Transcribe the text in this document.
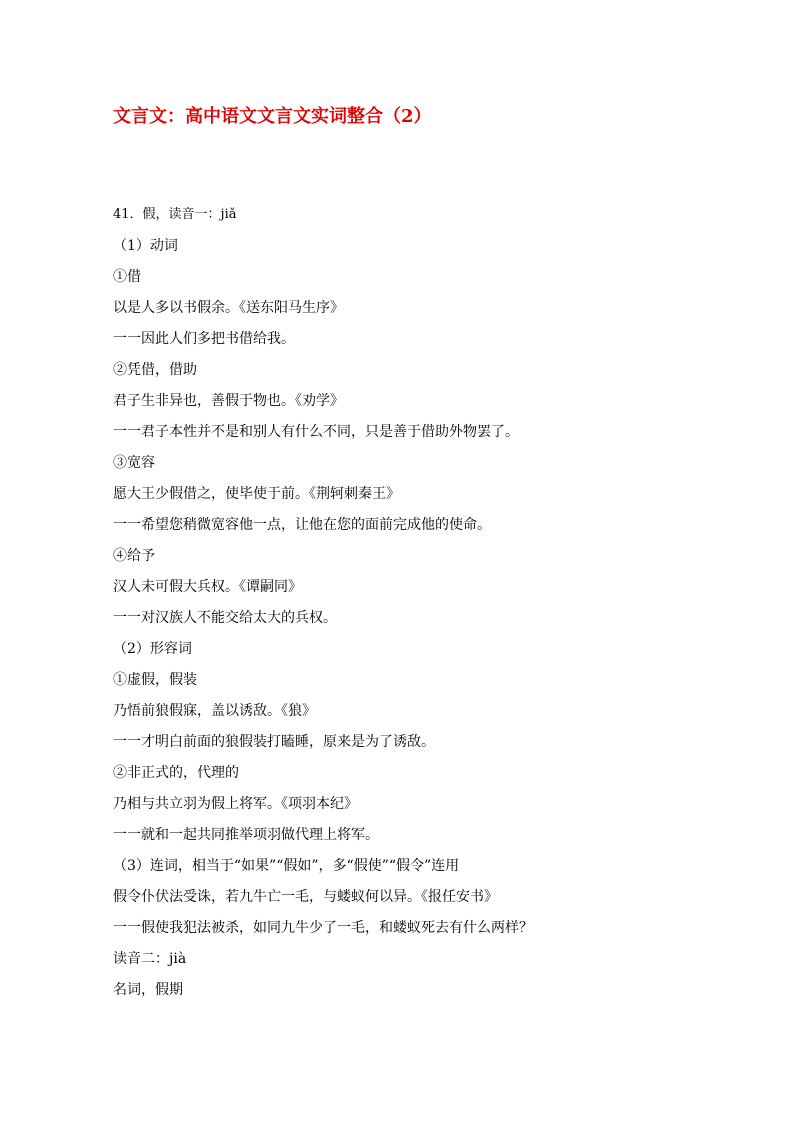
文言文：高中语文文言文实词整合（2）
41．假，读音一：jiǎ
（1）动词
①借
以是人多以书假余。《送东阳马生序》
一一因此人们多把书借给我。
②凭借，借助
君子生非异也，善假于物也。《劝学》
一一君子本性并不是和别人有什么不同，只是善于借助外物罢了。
③宽容
愿大王少假借之，使毕使于前。《荆轲刺秦王》
一一希望您稍微宽容他一点，让他在您的面前完成他的使命。
④给予
汉人未可假大兵权。《谭嗣同》
一一对汉族人不能交给太大的兵权。
（2）形容词
①虚假，假装
乃悟前狼假寐，盖以诱敌。《狼》
一一才明白前面的狼假装打瞌睡，原来是为了诱敌。
②非正式的，代理的
乃相与共立羽为假上将军。《项羽本纪》
一一就和一起共同推举项羽做代理上将军。
（3）连词，相当于“如果”“假如”，多“假使”“假令”连用
假令仆伏法受诛，若九牛亡一毛，与蝼蚁何以异。《报任安书》
一一假使我犯法被杀，如同九牛少了一毛，和蝼蚁死去有什么两样？
读音二：jià
名词，假期
